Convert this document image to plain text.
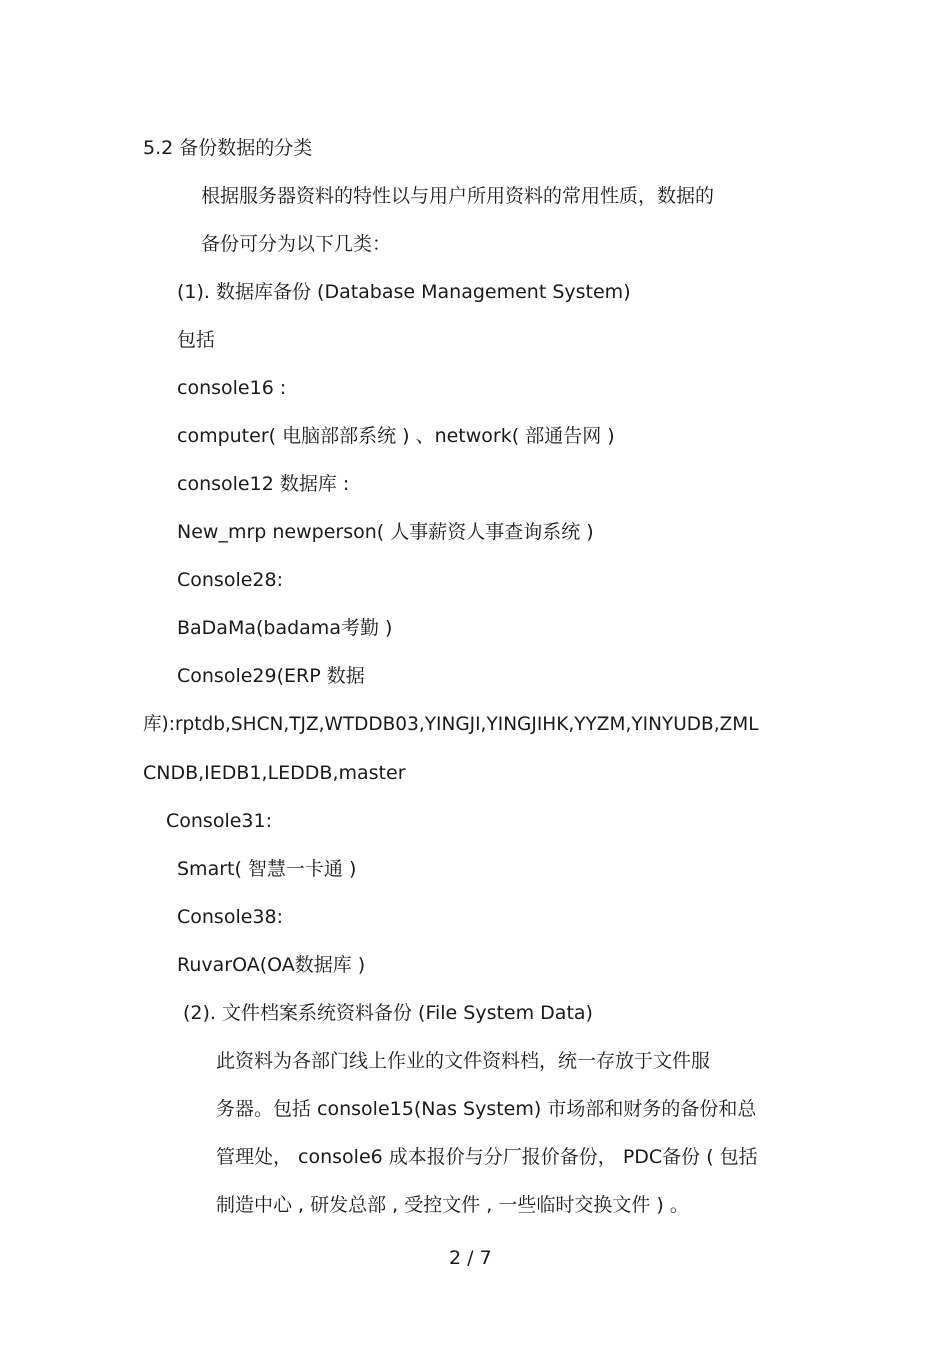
5.2 备份数据的分类
根据服务器资料的特性以与用户所用资料的常用性质，数据的
备份可分为以下几类：
(1). 数据库备份 (Database Management System)
包括
console16 :
computer( 电脑部部系统 ) 、network( 部通告网 )
console12 数据库 :
New_mrp newperson( 人事薪资人事查询系统 )
Console28:
BaDaMa(badama考勤 )
Console29(ERP 数据
库):rptdb,SHCN,TJZ,WTDDB03,YINGJI,YINGJIHK,YYZM,YINYUDB,ZML
CNDB,IEDB1,LEDDB,master
Console31:
Smart( 智慧一卡通 )
Console38:
RuvarOA(OA数据库 )
(2). 文件档案系统资料备份 (File System Data)
此资料为各部门线上作业的文件资料档，统一存放于文件服
务器。包括 console15(Nas System) 市场部和财务的备份和总
管理处， console6 成本报价与分厂报价备份， PDC备份 ( 包括
制造中心 , 研发总部 , 受控文件 , 一些临时交换文件 ) 。
2 / 7
